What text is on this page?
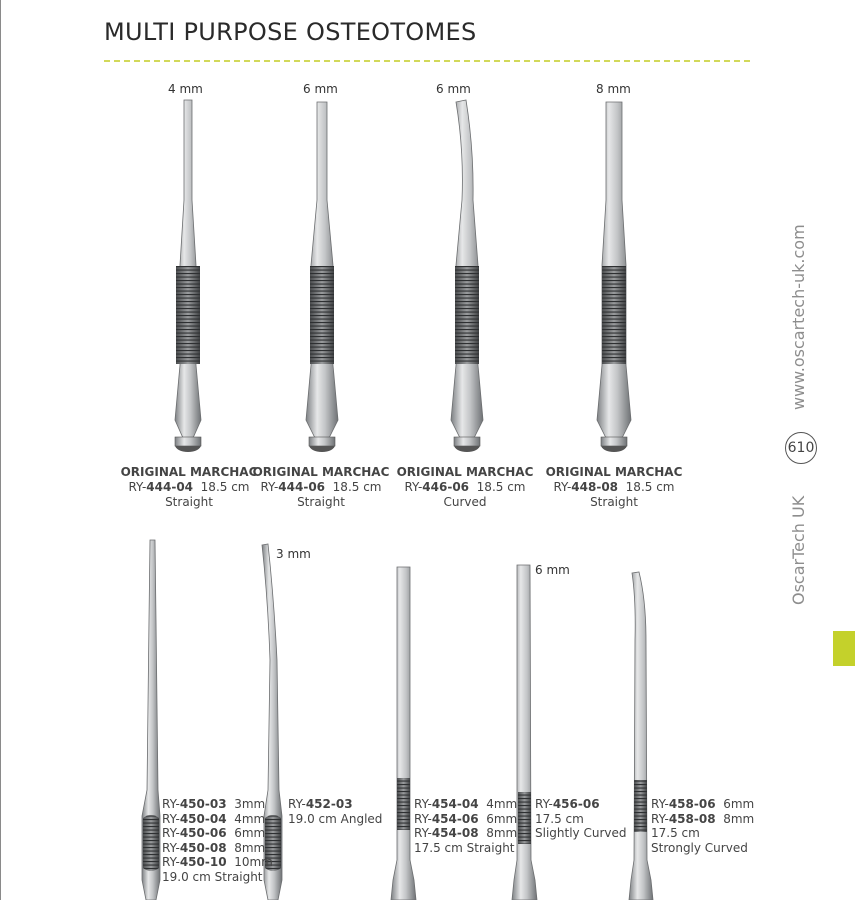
MULTI PURPOSE OSTEOTOMES
4 mm	6 mm	6 mm	8 mm
ORIGINAL MARCHAC
RY-444-04 18.5 cm
Straight
ORIGINAL MARCHAC
RY-444-06 18.5 cm
Straight
ORIGINAL MARCHAC
RY-446-06 18.5 cm
Curved
ORIGINAL MARCHAC
RY-448-08 18.5 cm
Straight
3 mm
6 mm
RY-450-03 3mm
RY-450-04 4mm
RY-450-06 6mm
RY-450-08 8mm
RY-450-10 10mm
19.0 cm Straight
RY-452-03
19.0 cm Angled
RY-454-04 4mm
RY-454-06 6mm
RY-454-08 8mm
17.5 cm Straight
RY-456-06
17.5 cm
Slightly Curved
RY-458-06 6mm
RY-458-08 8mm
17.5 cm
Strongly Curved
www.oscartech-uk.com
610
OscarTech UK
